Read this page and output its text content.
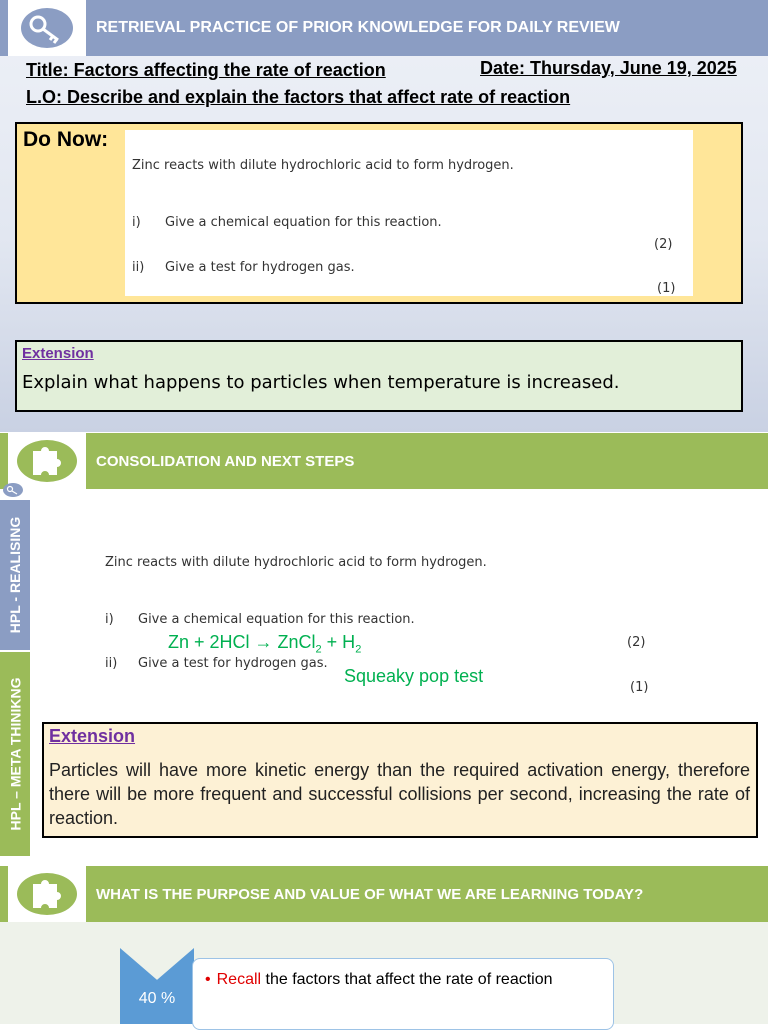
RETRIEVAL PRACTICE OF PRIOR KNOWLEDGE FOR DAILY REVIEW
Title: Factors affecting the rate of reaction	Date: Thursday, June 19, 2025
L.O: Describe and explain the factors that affect rate of reaction
Do Now:
Zinc reacts with dilute hydrochloric acid to form hydrogen.
i) Give a chemical equation for this reaction.
(2)
ii) Give a test for hydrogen gas.
(1)
Extension
Explain what happens to particles when temperature is increased.
CONSOLIDATION AND NEXT STEPS
HPL - REALISING
HPL – META THINIKNG
Zinc reacts with dilute hydrochloric acid to form hydrogen.
i) Give a chemical equation for this reaction.
(2)
ii) Give a test for hydrogen gas.
(1)
Zn + 2HCl → ZnCl$_2$ + $H_2$
Squeaky pop test
Extension
Particles will have more kinetic energy than the required activation energy, therefore there will be more frequent and successful collisions per second, increasing the rate of reaction.
WHAT IS THE PURPOSE AND VALUE OF WHAT WE ARE LEARNING TODAY?
40 %
• Recall the factors that affect the rate of reaction
